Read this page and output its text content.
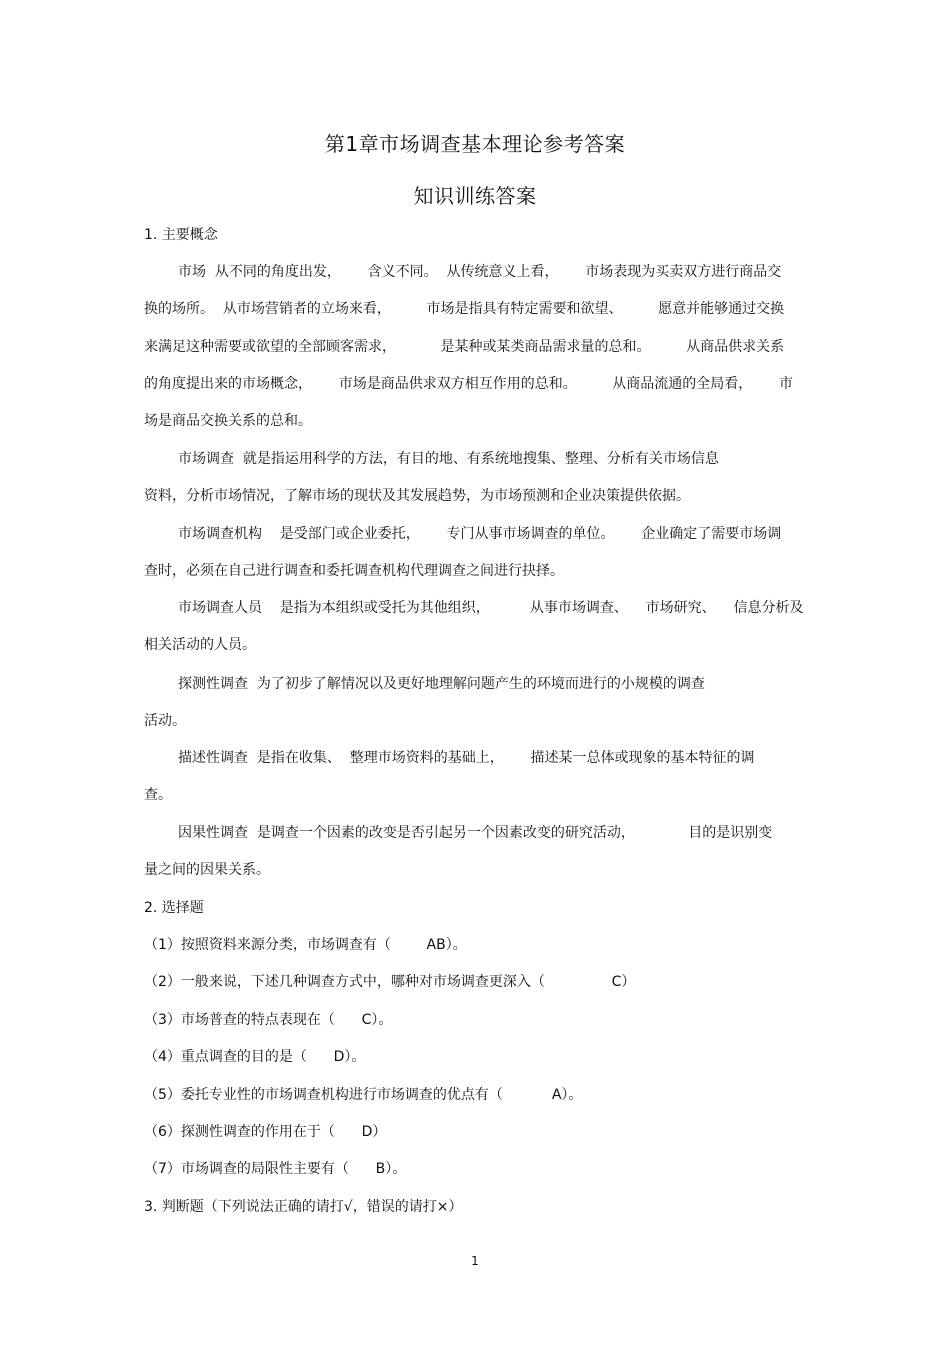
第1章市场调查基本理论参考答案
知识训练答案
1. 主要概念
市场  从不同的角度出发，      含义不同。  从传统意义上看，      市场表现为买卖双方进行商品交
换的场所。  从市场营销者的立场来看，        市场是指具有特定需要和欲望、        愿意并能够通过交换
来满足这种需要或欲望的全部顾客需求，          是某种或某类商品需求量的总和。        从商品供求关系
的角度提出来的市场概念，      市场是商品供求双方相互作用的总和。        从商品流通的全局看，      市
场是商品交换关系的总和。
市场调查  就是指运用科学的方法，有目的地、有系统地搜集、整理、分析有关市场信息
资料，分析市场情况，了解市场的现状及其发展趋势，为市场预测和企业决策提供依据。
市场调查机构    是受部门或企业委托，      专门从事市场调查的单位。      企业确定了需要市场调
查时，必须在自己进行调查和委托调查机构代理调查之间进行抉择。
市场调查人员    是指为本组织或受托为其他组织，         从事市场调查、    市场研究、    信息分析及
相关活动的人员。
探测性调查  为了初步了解情况以及更好地理解问题产生的环境而进行的小规模的调查
活动。
描述性调查  是指在收集、  整理市场资料的基础上，      描述某一总体或现象的基本特征的调
查。
因果性调查  是调查一个因素的改变是否引起另一个因素改变的研究活动，            目的是识别变
量之间的因果关系。
2. 选择题
（1）按照资料来源分类，市场调查有（        AB）。
（2）一般来说，下述几种调查方式中，哪种对市场调查更深入（               C）
（3）市场普查的特点表现在（      C）。
（4）重点调查的目的是（      D）。
（5）委托专业性的市场调查机构进行市场调查的优点有（           A）。
（6）探测性调查的作用在于（      D）
（7）市场调查的局限性主要有（      B）。
3. 判断题（下列说法正确的请打√，错误的请打×）
1
